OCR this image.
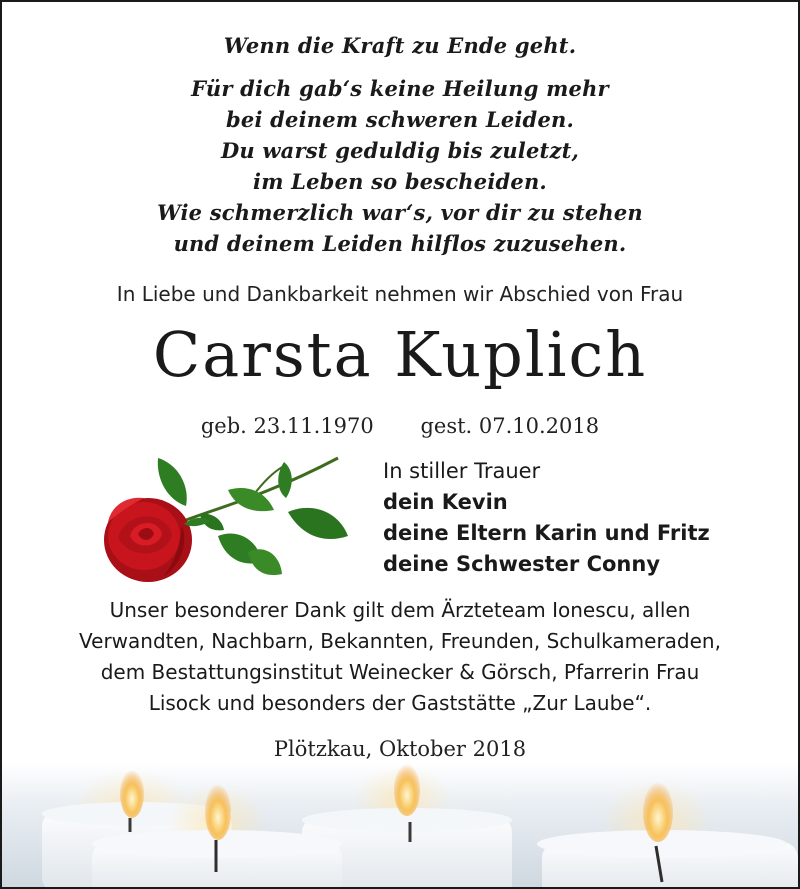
Wenn die Kraft zu Ende geht.
Für dich gab‘s keine Heilung mehr
bei deinem schweren Leiden.
Du warst geduldig bis zuletzt,
im Leben so bescheiden.
Wie schmerzlich war‘s, vor dir zu stehen
und deinem Leiden hilflos zuzusehen.
In Liebe und Dankbarkeit nehmen wir Abschied von Frau
Carsta Kuplich
geb. 23.11.1970 gest. 07.10.2018
In stiller Trauer
dein Kevin
deine Eltern Karin und Fritz
deine Schwester Conny
Unser besonderer Dank gilt dem Ärzteteam Ionescu, allen
Verwandten, Nachbarn, Bekannten, Freunden, Schulkameraden,
dem Bestattungsinstitut Weinecker & Görsch, Pfarrerin Frau
Lisock und besonders der Gaststätte „Zur Laube“.
Plötzkau, Oktober 2018
